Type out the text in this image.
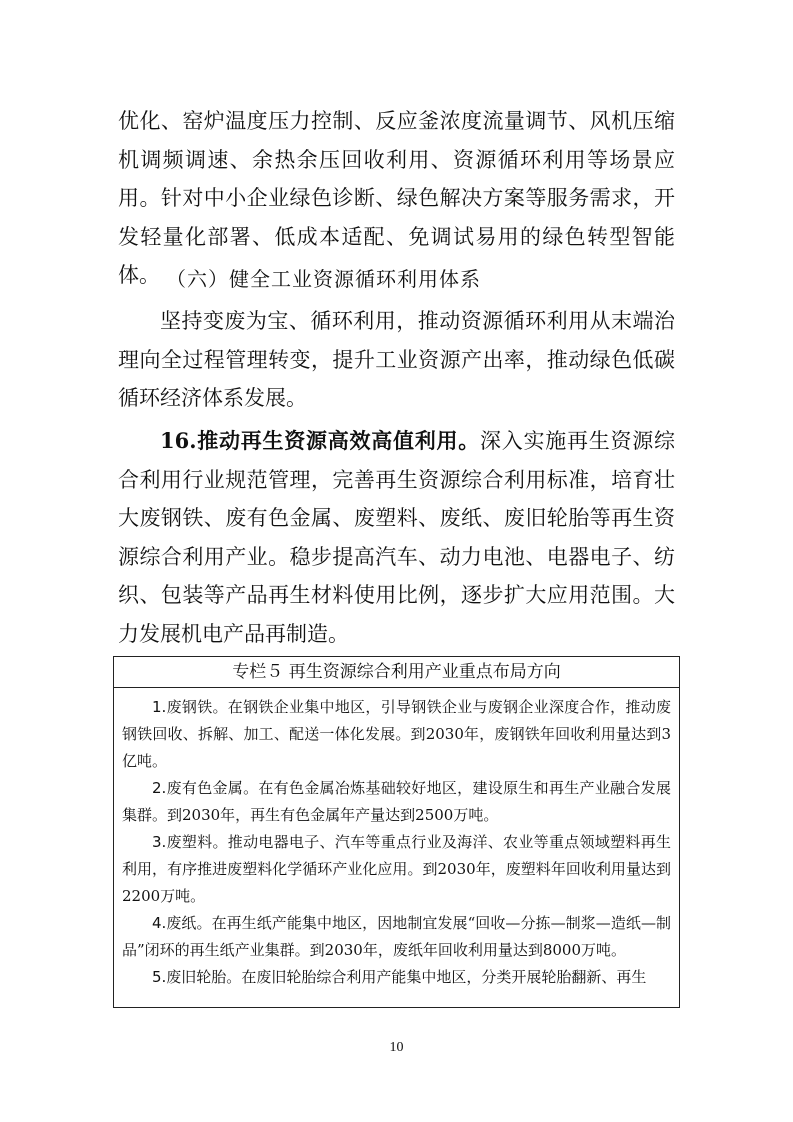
优化、窑炉温度压力控制、反应釜浓度流量调节、风机压缩机调频调速、余热余压回收利用、资源循环利用等场景应用。针对中小企业绿色诊断、绿色解决方案等服务需求，开发轻量化部署、低成本适配、免调试易用的绿色转型智能体。 （六）健全工业资源循环利用体系

坚持变废为宝、循环利用，推动资源循环利用从末端治理向全过程管理转变，提升工业资源产出率，推动绿色低碳循环经济体系发展。

16.推动再生资源高效高值利用。深入实施再生资源综合利用行业规范管理，完善再生资源综合利用标准，培育壮大废钢铁、废有色金属、废塑料、废纸、废旧轮胎等再生资源综合利用产业。稳步提高汽车、动力电池、电器电子、纺织、包装等产品再生材料使用比例，逐步扩大应用范围。大力发展机电产品再制造。

专栏５ 再生资源综合利用产业重点布局方向

1.废钢铁。在钢铁企业集中地区，引导钢铁企业与废钢企业深度合作，推动废钢铁回收、拆解、加工、配送一体化发展。到2030年，废钢铁年回收利用量达到3亿吨。

2.废有色金属。在有色金属冶炼基础较好地区，建设原生和再生产业融合发展集群。到2030年，再生有色金属年产量达到2500万吨。

3.废塑料。推动电器电子、汽车等重点行业及海洋、农业等重点领域塑料再生利用，有序推进废塑料化学循环产业化应用。到2030年，废塑料年回收利用量达到2200万吨。

4.废纸。在再生纸产能集中地区，因地制宜发展“回收—分拣—制浆—造纸—制品”闭环的再生纸产业集群。到2030年，废纸年回收利用量达到8000万吨。

5.废旧轮胎。在废旧轮胎综合利用产能集中地区，分类开展轮胎翻新、再生

10
